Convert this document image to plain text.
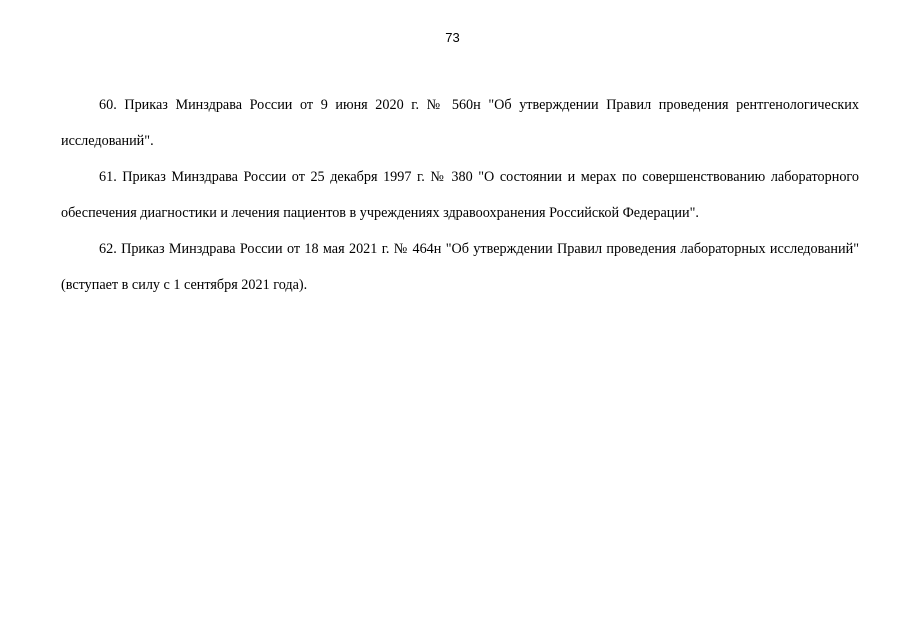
73

60. Приказ Минздрава России от 9 июня 2020 г. № 560н "Об утверждении Правил проведения рентгенологических исследований".

61. Приказ Минздрава России от 25 декабря 1997 г. № 380 "О состоянии и мерах по совершенствованию лабораторного обеспечения диагностики и лечения пациентов в учреждениях здравоохранения Российской Федерации".

62. Приказ Минздрава России от 18 мая 2021 г. № 464н "Об утверждении Правил проведения лабораторных исследований" (вступает в силу с 1 сентября 2021 года).
